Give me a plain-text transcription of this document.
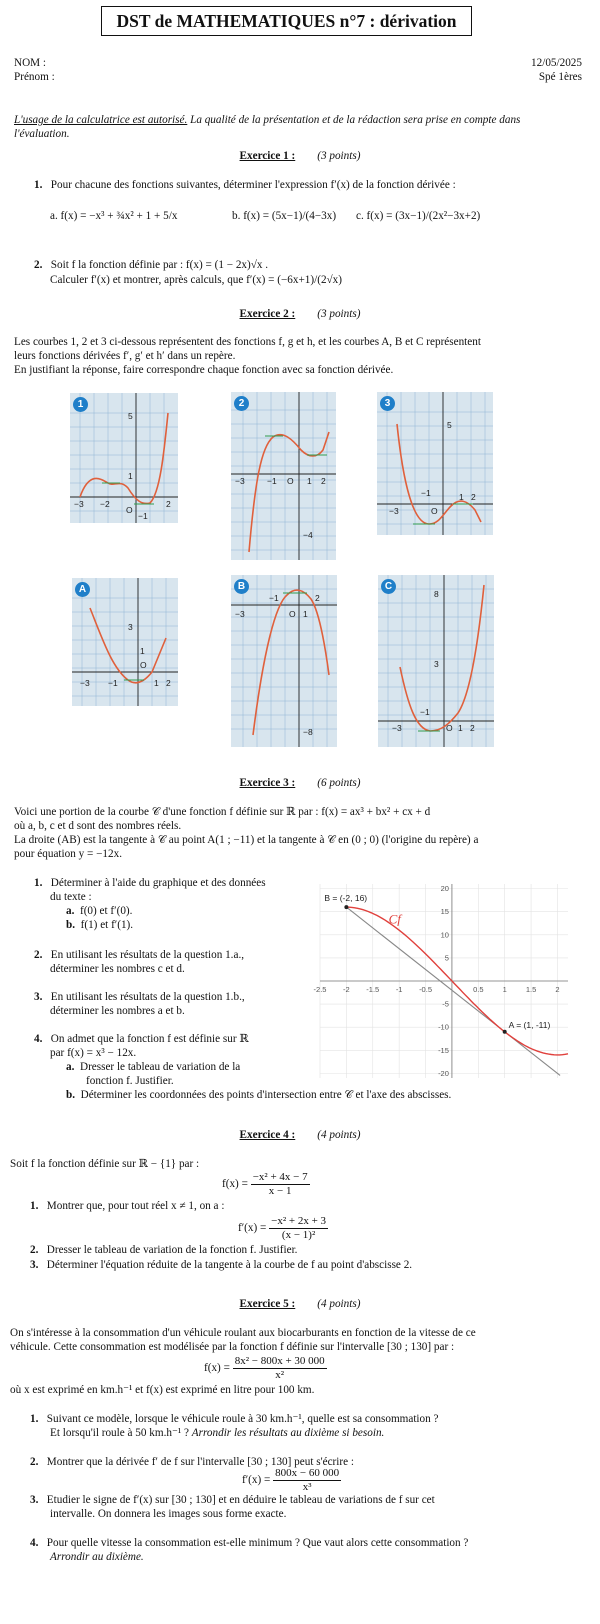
DST de MATHEMATIQUES n°7 : dérivation
NOM :
Prénom :
12/05/2025
Spé 1ères
L'usage de la calculatrice est autorisé. La qualité de la présentation et de la rédaction sera prise en compte dans
l'évaluation.
Exercice 1 : (3 points)
1. Pour chacune des fonctions suivantes, déterminer l'expression f′(x) de la fonction dérivée :
a. f(x) = −x³ + ¾x² + 1 + 5/x	b. f(x) = (5x−1)/(4−3x) c. f(x) = (3x−1)/(2x²−3x+2)
2. Soit f la fonction définie par : f(x) = (1 − 2x)√x .
Calculer f′(x) et montrer, après calculs, que f′(x) = (−6x+1)/(2√x)
Exercice 2 : (3 points)
Les courbes 1, 2 et 3 ci-dessous représentent des fonctions f, g et h, et les courbes A, B et C représentent
leurs fonctions dérivées f′, g′ et h′ dans un repère.
En justifiant la réponse, faire correspondre chaque fonction avec sa fonction dérivée.
−3 −2
O
2
5
1
−1
1
−3	−1 O 1 2
−4
2
−3
−1
O
1 2
5
3
−3 −1
O
1
1 2
3
A
−3
−1
O 1
2
−8
B
−3
−1
O 1 2
3
8
C
Exercice 3 : (6 points)
Voici une portion de la courbe 𝒞 d'une fonction f définie sur ℝ par : f(x) = ax³ + bx² + cx + d
où a, b, c et d sont des nombres réels.
La droite (AB) est la tangente à 𝒞 au point A(1 ; −11) et la tangente à 𝒞 en (0 ; 0) (l'origine du repère) a
pour équation y = −12x.
1. Déterminer à l'aide du graphique et des données
du texte :
a. f(0) et f′(0).
b. f(1) et f′(1).
2. En utilisant les résultats de la question 1.a.,
déterminer les nombres c et d.
3. En utilisant les résultats de la question 1.b.,
déterminer les nombres a et b.
4. On admet que la fonction f est définie sur ℝ
par f(x) = x³ − 12x.
a. Dresser le tableau de variation de la
fonction f. Justifier.
b. Déterminer les coordonnées des points d'intersection entre 𝒞 et l'axe des abscisses.
-2.5 -2 -1.5 -1 -0.5	0.5	1	1.5	2
20
15
10
5
-5
-10
-15
-20
B = (-2, 16)
A = (1, -11)
Cf
Exercice 4 : (4 points)
Soit f la fonction définie sur ℝ − {1} par :
$f(x) = \frac{\text{−x² + 4x − 7}}{x - 1}$
1. Montrer que, pour tout réel x ≠ 1, on a :
$f'(x) = \frac{\text{−x² + 2x + 3}}{\text{(x − 1)²}}$
2. Dresser le tableau de variation de la fonction f. Justifier.
3. Déterminer l'équation réduite de la tangente à la courbe de f au point d'abscisse 2.
Exercice 5 : (4 points)
On s'intéresse à la consommation d'un véhicule roulant aux biocarburants en fonction de la vitesse de ce
véhicule. Cette consommation est modélisée par la fonction f définie sur l'intervalle [30 ; 130] par :
$f(x) = \frac{\text{8x² − 800x + 30 000}}{\text{x²}}$
où x est exprimé en km.h⁻¹ et f(x) est exprimé en litre pour 100 km.
1. Suivant ce modèle, lorsque le véhicule roule à 30 km.h⁻¹, quelle est sa consommation ?
Et lorsqu'il roule à 50 km.h⁻¹ ? Arrondir les résultats au dixième si besoin.
2. Montrer que la dérivée f′ de f sur l'intervalle [30 ; 130] peut s'écrire :
$f'(x) = \frac{800x - 60 000}{\text{x³}}$
3. Etudier le signe de f′(x) sur [30 ; 130] et en déduire le tableau de variations de f sur cet
intervalle. On donnera les images sous forme exacte.
4. Pour quelle vitesse la consommation est-elle minimum ? Que vaut alors cette consommation ?
Arrondir au dixième.
